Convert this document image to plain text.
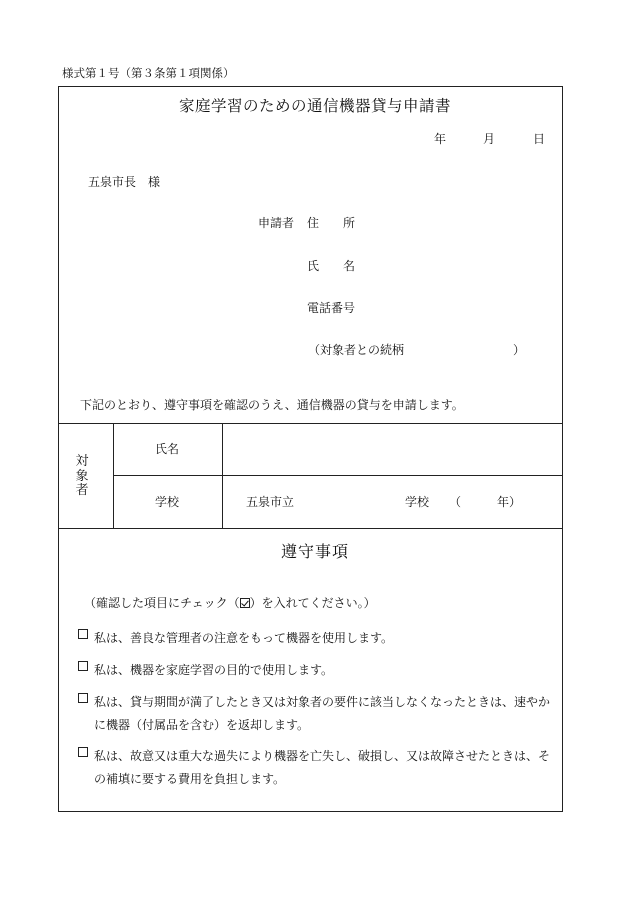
様式第１号（第３条第１項関係）
家庭学習のための通信機器貸与申請書
年	月	日
五泉市長　様
申請者 住　　所
氏　　名
電話番号
（対象者との続柄	）
下記のとおり、遵守事項を確認のうえ、通信機器の貸与を申請します。
対象者
氏名
学校	五泉市立	学校 （	年）
遵守事項
（確認した項目にチェック（ ）を入れてください。）
私は、善良な管理者の注意をもって機器を使用します。
私は、機器を家庭学習の目的で使用します。
私は、貸与期間が満了したとき又は対象者の要件に該当しなくなったときは、速やかに機器（付属品を含む）を返却します。
私は、故意又は重大な過失により機器を亡失し、破損し、又は故障させたときは、その補填に要する費用を負担します。
